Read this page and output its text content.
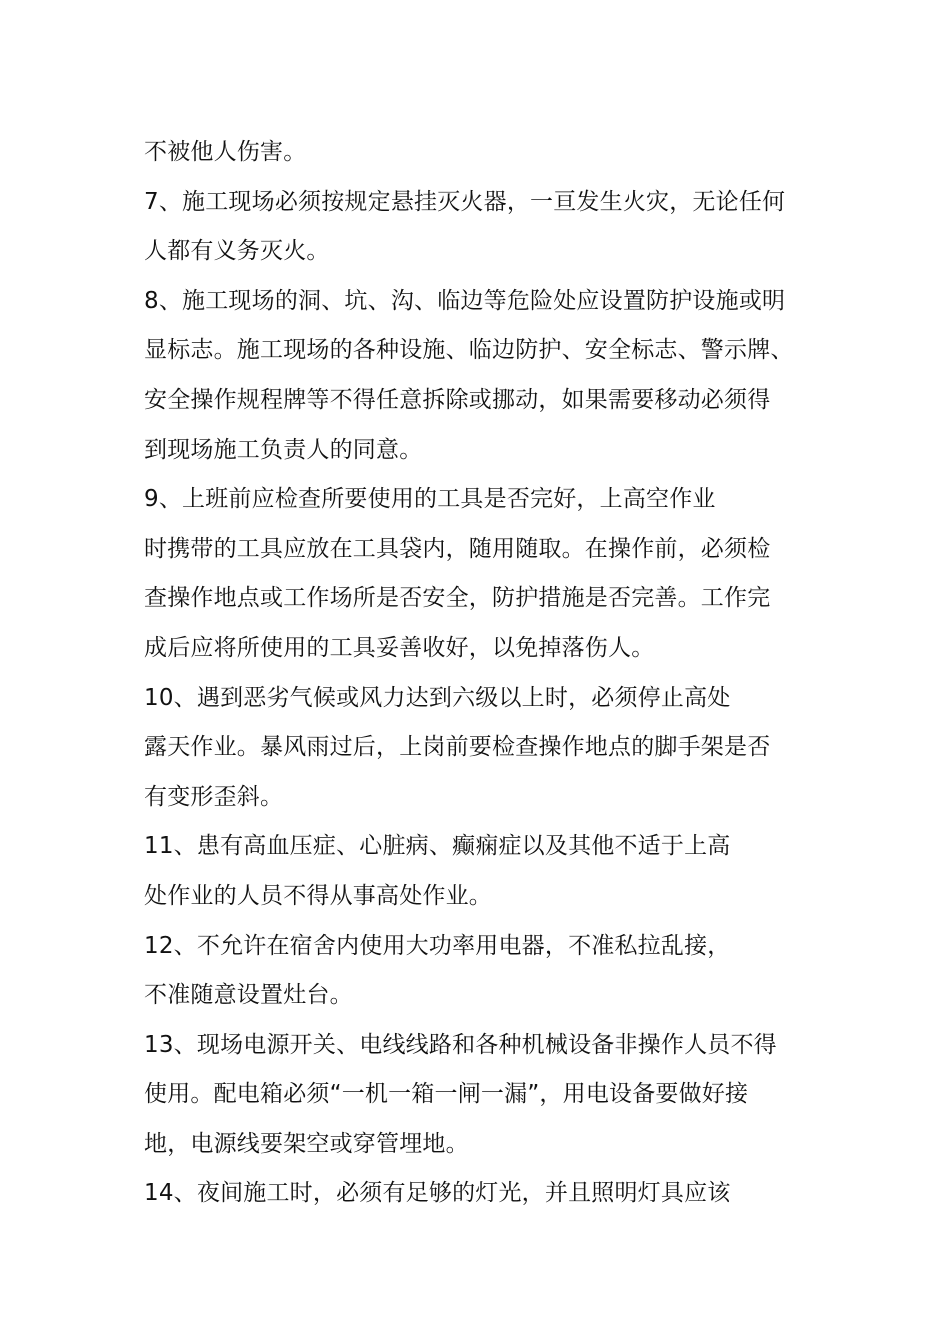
不被他人伤害。
7、施工现场必须按规定悬挂灭火器，一亘发生火灾，无论任何
人都有义务灭火。
8、施工现场的洞、坑、沟、临边等危险处应设置防护设施或明
显标志。施工现场的各种设施、临边防护、安全标志、警示牌、
安全操作规程牌等不得任意拆除或挪动，如果需要移动必须得
到现场施工负责人的同意。
9、上班前应检查所要使用的工具是否完好，上高空作业
时携带的工具应放在工具袋内，随用随取。在操作前，必须检
查操作地点或工作场所是否安全，防护措施是否完善。工作完
成后应将所使用的工具妥善收好，以免掉落伤人。
10、遇到恶劣气候或风力达到六级以上时，必须停止高处
露天作业。暴风雨过后，上岗前要检查操作地点的脚手架是否
有变形歪斜。
11、患有高血压症、心脏病、癫痫症以及其他不适于上高
处作业的人员不得从事高处作业。
12、不允许在宿舍内使用大功率用电器，不准私拉乱接，
不准随意设置灶台。
13、现场电源开关、电线线路和各种机械设备非操作人员不得
使用。配电箱必须“一机一箱一闸一漏”，用电设备要做好接
地，电源线要架空或穿管埋地。
14、夜间施工时，必须有足够的灯光，并且照明灯具应该
